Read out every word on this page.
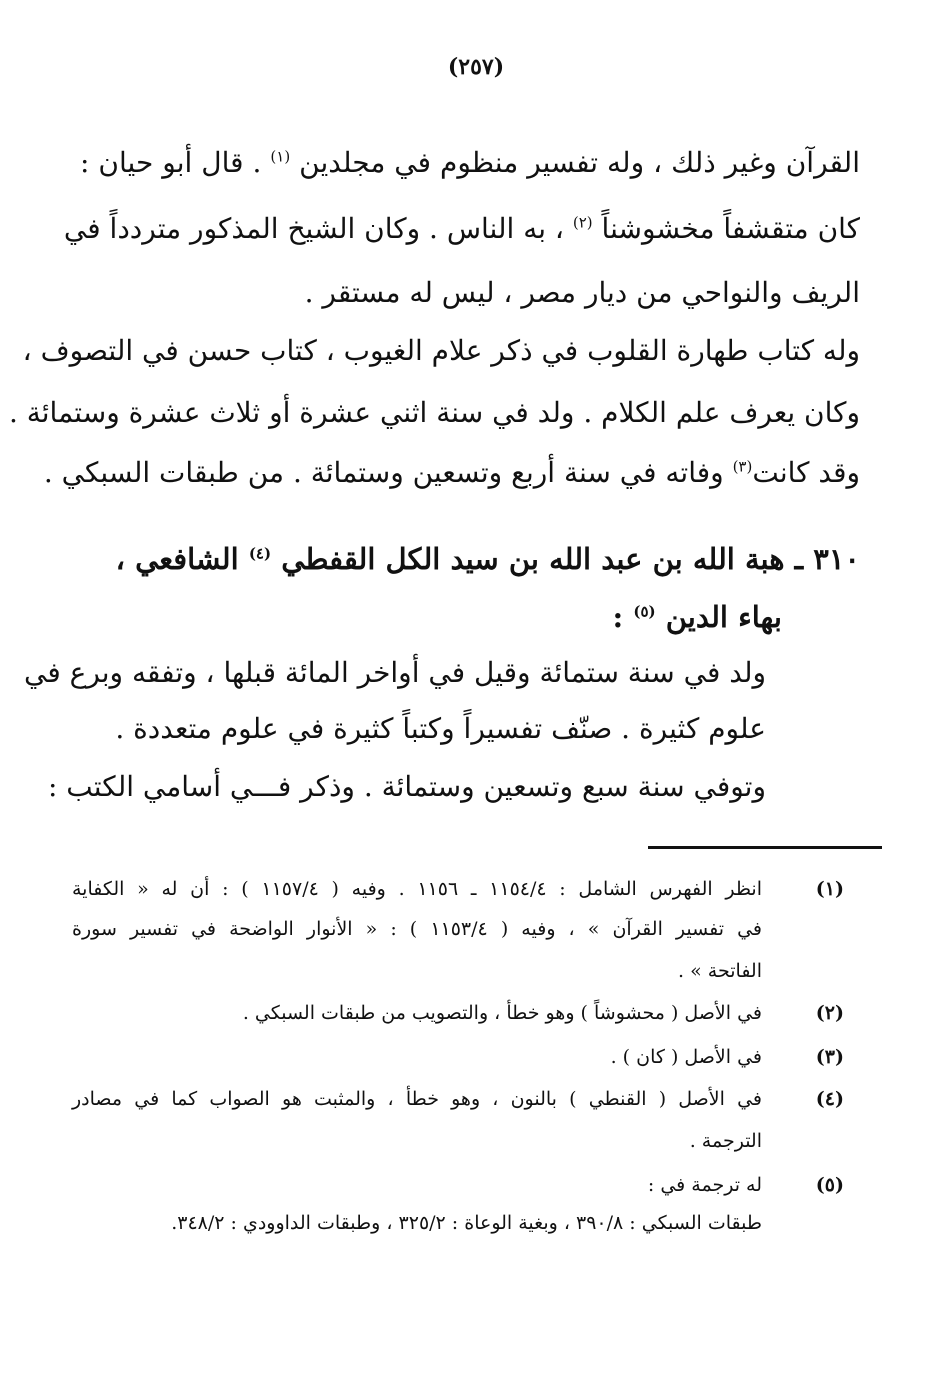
(٢٥٧)
القرآن وغير ذلك ، وله تفسير منظوم في مجلدين $^{(١)}$ . قال أبو حيان :
كان متقشفاً مخشوشناً $^{(٢)}$ ، به الناس . وكان الشيخ المذكور متردداً في
الريف والنواحي من ديار مصر ، ليس له مستقر .
وله كتاب طهارة القلوب في ذكر علام الغيوب ، كتاب حسن في التصوف ،
وكان يعرف علم الكلام . ولد في سنة اثني عشرة أو ثلاث عشرة وستمائة .
وقد كانت$^{(٣)}$ وفاته في سنة أربع وتسعين وستمائة . من طبقات السبكي .
٣١٠ ـ هبة الله بن عبد الله بن سيد الكل القفطي $^{(٤)}$ الشافعي ،
بهاء الدين $^{(٥)}$ :
ولد في سنة ستمائة وقيل في أواخر المائة قبلها ، وتفقه وبرع في
علوم كثيرة . صنّف تفسيراً وكتباً كثيرة في علوم متعددة .
وتوفي سنة سبع وتسعين وستمائة . وذكر فـــي أسامي الكتب :
(١)
انظر الفهرس الشامل : ١١٥٤/٤ ـ ١١٥٦ . وفيه ( ١١٥٧/٤ ) : أن له « الكفاية
في تفسير القرآن » ، وفيه ( ١١٥٣/٤ ) : « الأنوار الواضحة في تفسير سورة
الفاتحة » .
(٢)
في الأصل ( محشوشاً ) وهو خطأ ، والتصويب من طبقات السبكي .
(٣)
في الأصل ( كان ) .
(٤)
في الأصل ( القنطي ) بالنون ، وهو خطأ ، والمثبت هو الصواب كما في مصادر
الترجمة .
(٥)
له ترجمة في :
طبقات السبكي : ٣٩٠/٨ ، وبغية الوعاة : ٣٢٥/٢ ، وطبقات الداوودي : ٣٤٨/٢.
